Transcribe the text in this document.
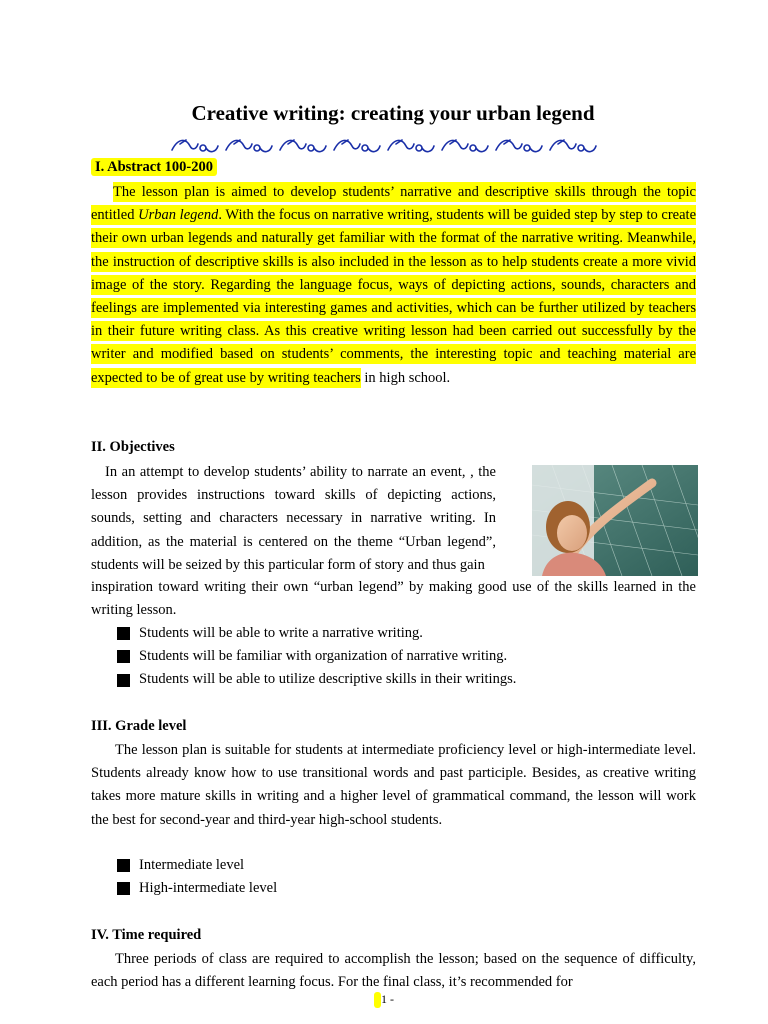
Creative writing: creating your urban legend
I. Abstract 100-200

The lesson plan is aimed to develop students’ narrative and descriptive skills through the topic entitled Urban legend. With the focus on narrative writing, students will be guided step by step to create their own urban legends and naturally get familiar with the format of the narrative writing. Meanwhile, the instruction of descriptive skills is also included in the lesson as to help students create a more vivid image of the story. Regarding the language focus, ways of depicting actions, sounds, characters and feelings are implemented via interesting games and activities, which can be further utilized by teachers in their future writing class. As this creative writing lesson had been carried out successfully by the writer and modified based on students’ comments, the interesting topic and teaching material are expected to be of great use by writing teachers in high school.

II. Objectives

In an attempt to develop students’ ability to narrate an event, , the lesson provides instructions toward skills of depicting actions, sounds, setting and characters necessary in narrative writing. In addition, as the material is centered on the theme “Urban legend”, students will be seized by this particular form of story and thus gain

inspiration toward writing their own “urban legend” by making good use of the skills learned in the writing lesson.

Students will be able to write a narrative writing.
Students will be familiar with organization of narrative writing.
Students will be able to utilize descriptive skills in their writings.
III. Grade level

The lesson plan is suitable for students at intermediate proficiency level or high-intermediate level. Students already know how to use transitional words and past participle. Besides, as creative writing takes more mature skills in writing and a higher level of grammatical command, the lesson will work the best for second-year and third-year high-school students.

Intermediate level
High-intermediate level
IV. Time required

Three periods of class are required to accomplish the lesson; based on the sequence of difficulty, each period has a different learning focus. For the final class, it’s recommended for

1 -
